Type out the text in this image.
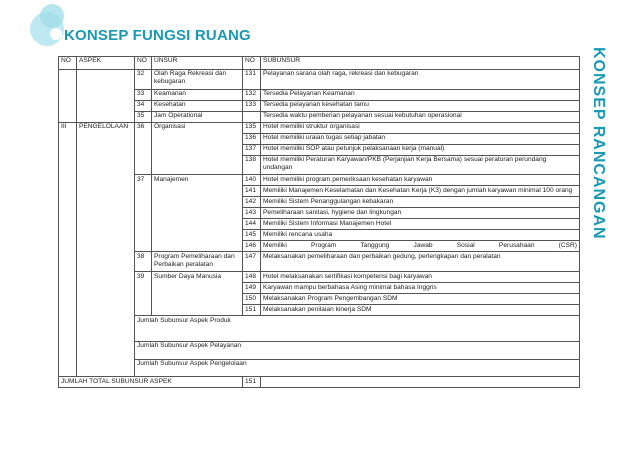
KONSEP FUNGSI RUANG
KONSEP RANCANGAN
NO	ASPEK	NO	UNSUR	NO	SUBUNSUR	
		32	Olah Raga Rekreasi dan kebugaran	131	Pelayanan sarana olah raga, rekreasi dan kebugaran	
		33	Keamanan	132	Tersedia Pelayanan Keamanan	
		34	Kesehatan	133	Tersedia pelayanan kesehatan tamu	
		35	Jam Operational		Tersedia waktu pemberian pelayanan sesuai kebutuhan operasional	
III	PENGELOLAAN	36	Organisasi	135	Hotel memiliki struktur organisasi	
				136	Hotel memiliki uraian tugas setiap jabatan	
				137	Hotel memiliki SOP atau petunjuk pelaksanaan kerja (manual)	
				138	Hotel memiliki Peraturan Karyawan/PKB (Perjanjian Kerja Bersama) sesuai peraturan perundang undangan	
		37	Manajemen	140	Hotel memiliki program pemeriksaan kesehatan karyawan	
				141	Memiliki Manajemen Keselamatan dan Kesehatan Kerja (K3) dengan jumlah karyawan minimal 100 orang	
				142	Memiliki Sistem Penanggulangan kebakaran	
				143	Pemeliharaan sanitasi, hygiene dan lingkungan	
				144	Memiliki Sistem Informasi Manajemen Hotel	
				145	Memiliki rencana usaha	
				146	Memiliki Program Tanggung Jawab Sosial Perusahaan (CSR)	
		38	Program Pemeliharaan dan Perbaikan peralatan	147	Melaksanakan pemeliharaan dan perbaikan gedung, perlengkapan dan peralatan	
		39	Sumber Daya Manusia	148	Hotel melaksanakan sertifikasi kompetensi bagi karyawan	
				149	Karyawan mampu berbahasa Asing minimal bahasa Inggris	
				150	Melaksanakan Program Pengembangan SDM	
				151	Melaksanakan penilaian kinerja SDM	
		Jumlah Subunsur Aspek Produk		
		Jumlah Subunsur Aspek Pelayanan		
		Jumlah Subunsur Aspek Pengelolaan		
JUMLAH TOTAL SUBUNSUR ASPEK				151		
